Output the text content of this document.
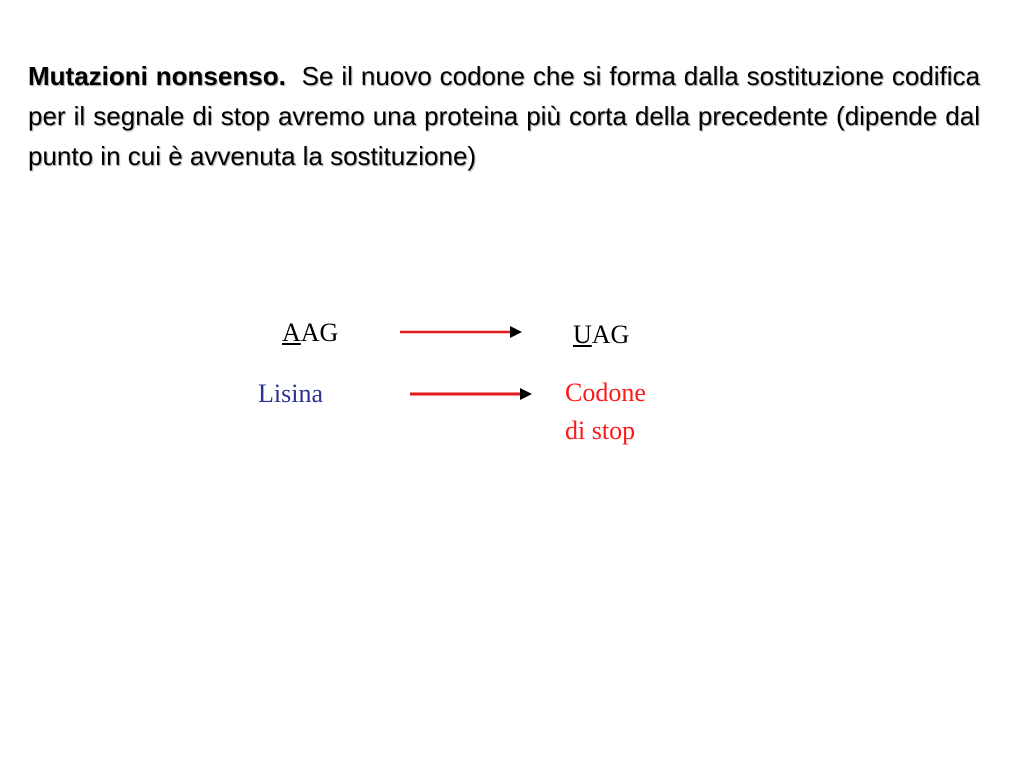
Mutazioni nonsenso. Se il nuovo codone che si forma dalla sostituzione codifica per il segnale di stop avremo una proteina più corta della precedente (dipende dal punto in cui è avvenuta la sostituzione)
AAG	UAG
Lisina	Codone
di stop
